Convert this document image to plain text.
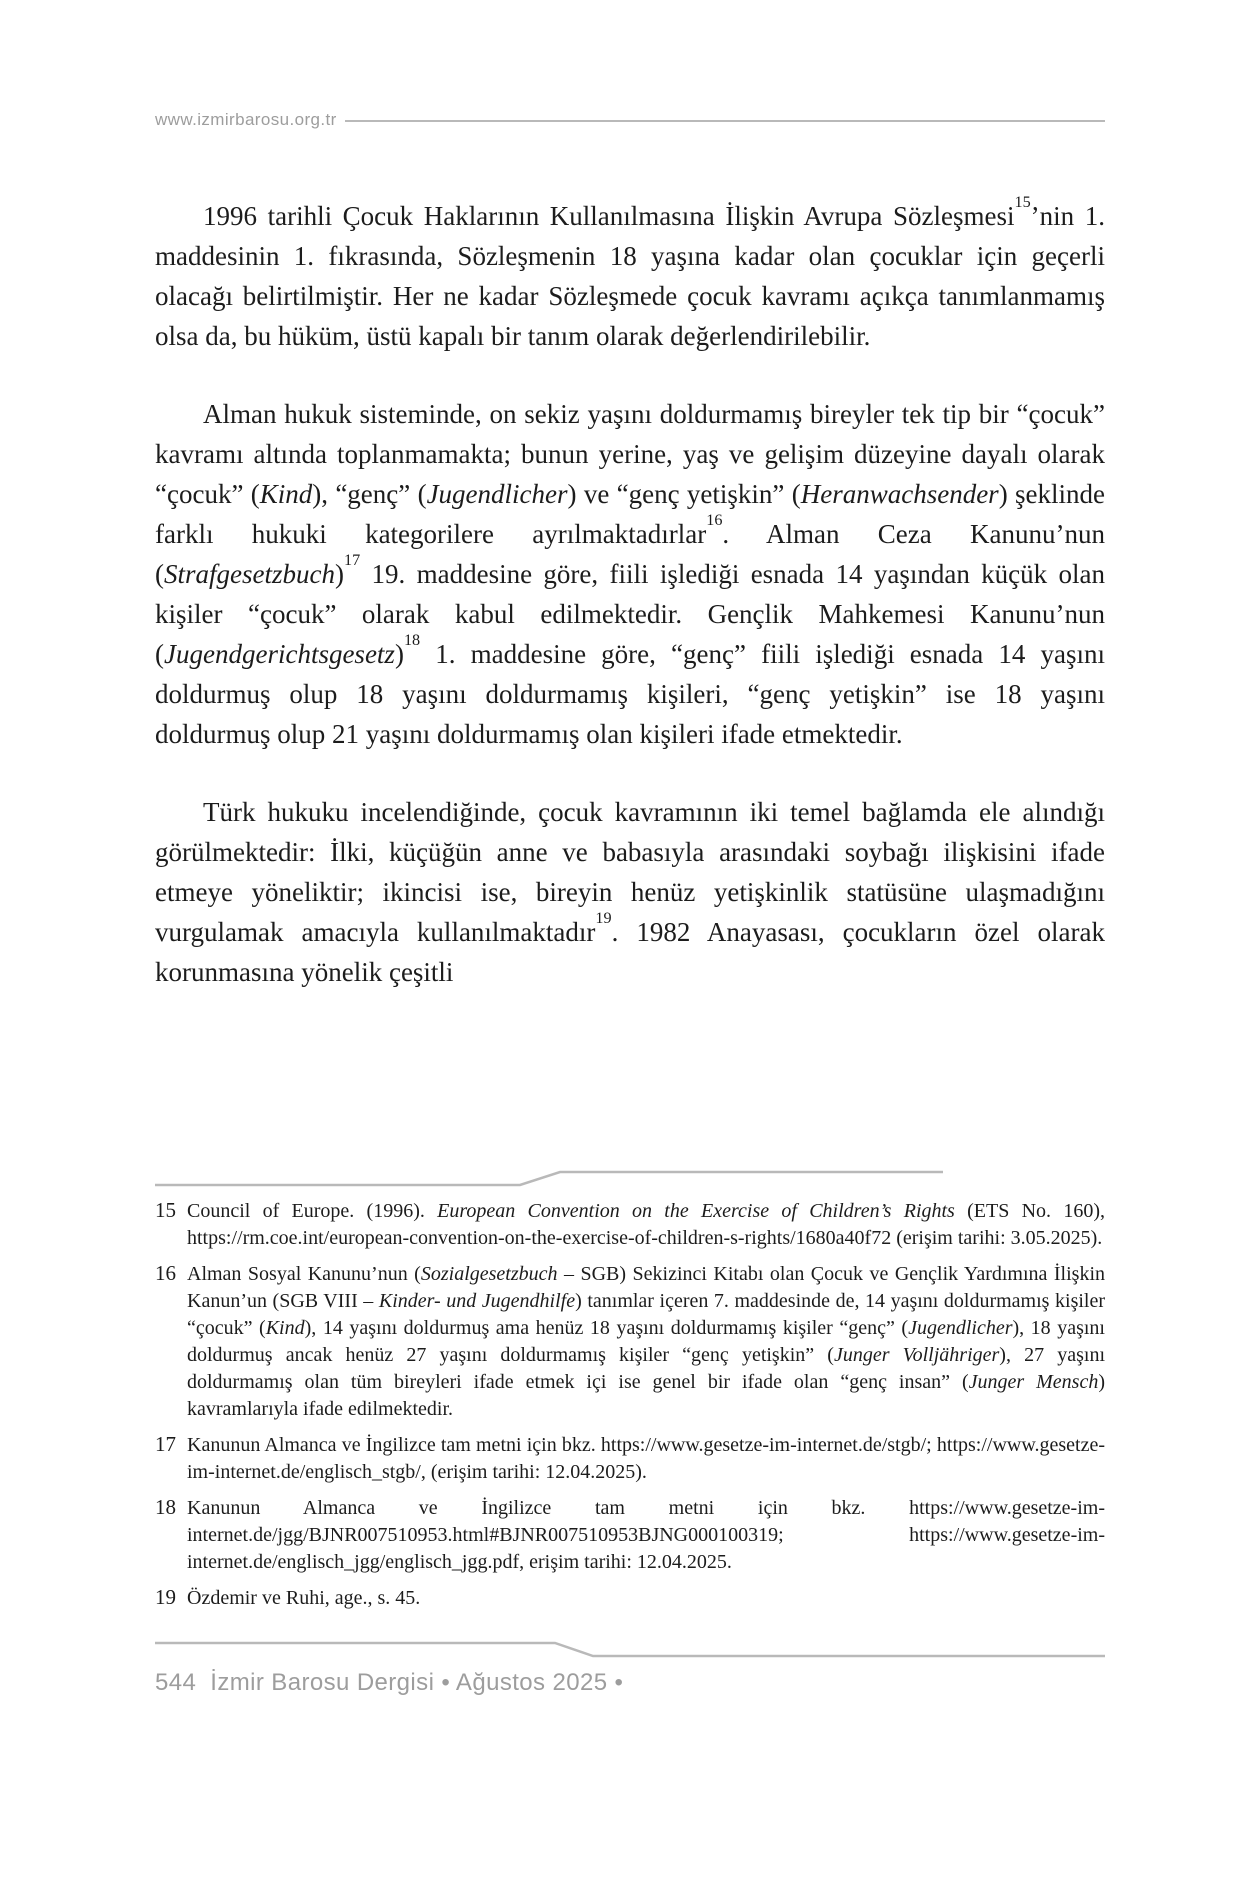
www.izmirbarosu.org.tr

1996 tarihli Çocuk Haklarının Kullanılmasına İlişkin Avrupa Sözleşmesi$^{15}$’nin 1. maddesinin 1. fıkrasında, Sözleşmenin 18 yaşına kadar olan çocuklar için geçerli olacağı belirtilmiştir. Her ne kadar Sözleşmede çocuk kavramı açıkça tanımlanmamış olsa da, bu hüküm, üstü kapalı bir tanım olarak değerlendirilebilir.

Alman hukuk sisteminde, on sekiz yaşını doldurmamış bireyler tek tip bir “çocuk” kavramı altında toplanmamakta; bunun yerine, yaş ve gelişim düzeyine dayalı olarak “çocuk” (Kind), “genç” (Jugendlicher) ve “genç yetişkin” (Heranwachsender) şeklinde farklı hukuki kategorilere ayrılmaktadırlar$^{16}$. Alman Ceza Kanunu’nun (Strafgesetzbuch)$^{17}$ 19. maddesine göre, fiili işlediği esnada 14 yaşından küçük olan kişiler “çocuk” olarak kabul edilmektedir. Gençlik Mahkemesi Kanunu’nun (Jugendgerichtsgesetz)$^{18}$ 1. maddesine göre, “genç” fiili işlediği esnada 14 yaşını doldurmuş olup 18 yaşını doldurmamış kişileri, “genç yetişkin” ise 18 yaşını doldurmuş olup 21 yaşını doldurmamış olan kişileri ifade etmektedir.

Türk hukuku incelendiğinde, çocuk kavramının iki temel bağlamda ele alındığı görülmektedir: İlki, küçüğün anne ve babasıyla arasındaki soybağı ilişkisini ifade etmeye yöneliktir; ikincisi ise, bireyin henüz yetişkinlik statüsüne ulaşmadığını vurgulamak amacıyla kullanılmaktadır$^{19}$. 1982 Anayasası, çocukların özel olarak korunmasına yönelik çeşitli

15 Council of Europe. (1996). European Convention on the Exercise of Children’s Rights (ETS No. 160), https://rm.coe.int/european-convention-on-the-exercise-of-children-s-rights/1680a40f72 (erişim tarihi: 3.05.2025).
16 Alman Sosyal Kanunu’nun (Sozialgesetzbuch – SGB) Sekizinci Kitabı olan Çocuk ve Gençlik Yardımına İlişkin Kanun’un (SGB VIII – Kinder- und Jugendhilfe) tanımlar içeren 7. maddesinde de, 14 yaşını doldurmamış kişiler “çocuk” (Kind), 14 yaşını doldurmuş ama henüz 18 yaşını doldurmamış kişiler “genç” (Jugendlicher), 18 yaşını doldurmuş ancak henüz 27 yaşını doldurmamış kişiler “genç yetişkin” (Junger Volljähriger), 27 yaşını doldurmamış olan tüm bireyleri ifade etmek içi ise genel bir ifade olan “genç insan” (Junger Mensch) kavramlarıyla ifade edilmektedir.
17 Kanunun Almanca ve İngilizce tam metni için bkz. https://www.gesetze-im-internet.de/stgb/; https://www.gesetze-im-internet.de/englisch_stgb/, (erişim tarihi: 12.04.2025).
18 Kanunun Almanca ve İngilizce tam metni için bkz. https://www.gesetze-im-internet.de/jgg/BJNR007510953.html#BJNR007510953BJNG000100319; https://www.gesetze-im-internet.de/englisch_jgg/englisch_jgg.pdf, erişim tarihi: 12.04.2025.
19 Özdemir ve Ruhi, age., s. 45.
544 İzmir Barosu Dergisi • Ağustos 2025 •
